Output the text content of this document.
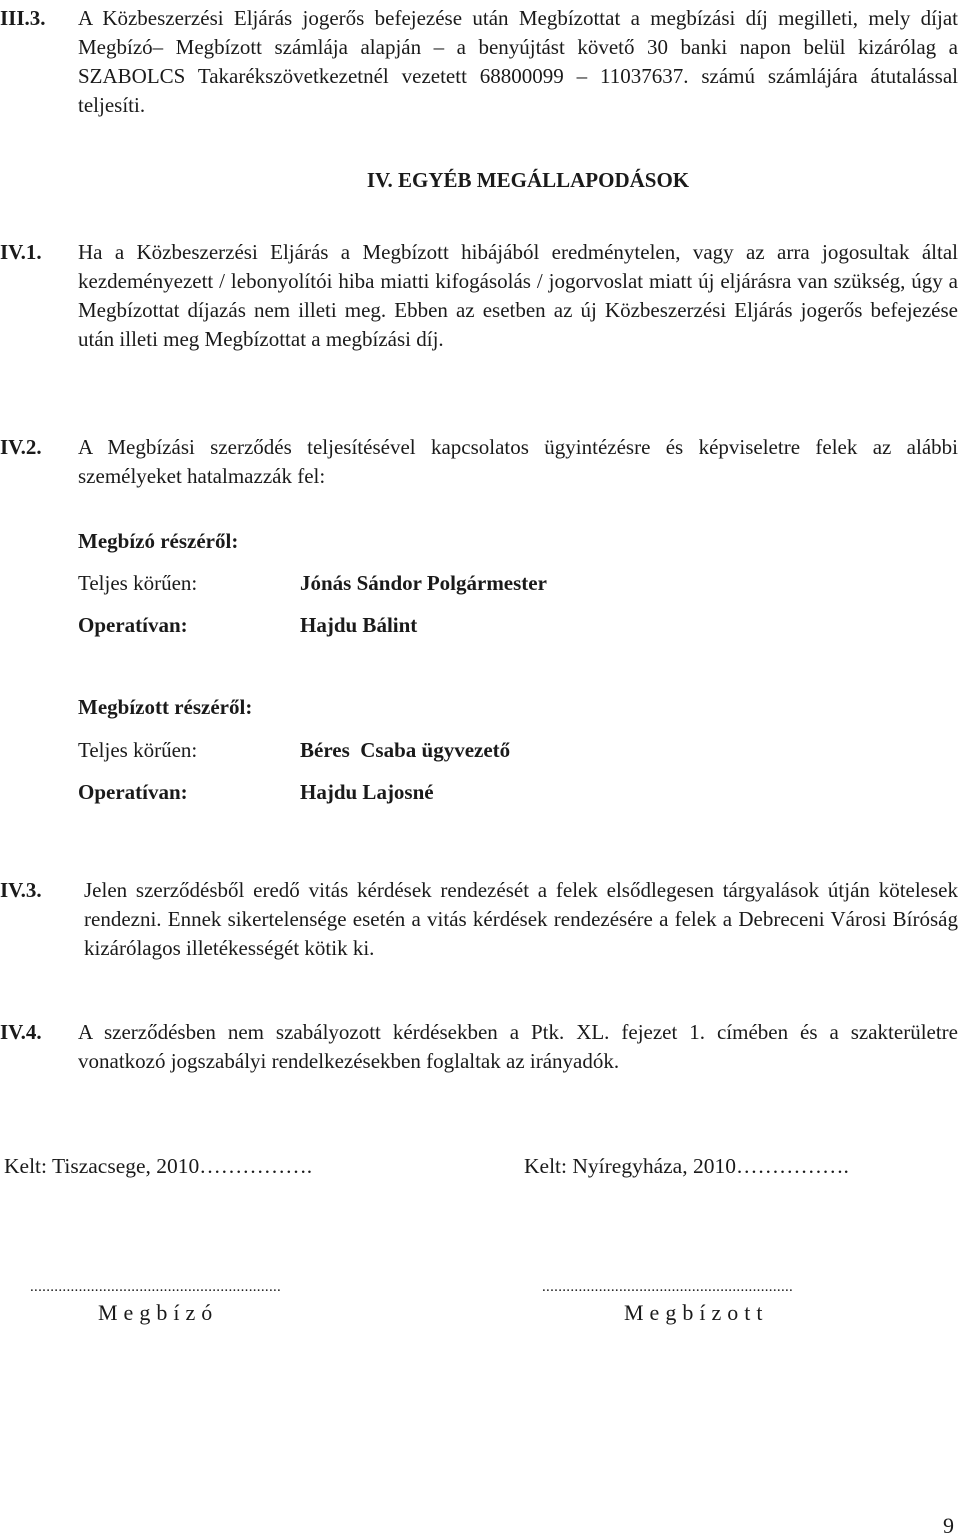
III.3. A Közbeszerzési Eljárás jogerős befejezése után Megbízottat a megbízási díj megilleti, mely díjat Megbízó– Megbízott számlája alapján – a benyújtást követő 30 banki napon belül kizárólag a SZABOLCS Takarékszövetkezetnél vezetett 68800099 – 11037637. számú számlájára átutalással teljesíti.
IV. EGYÉB MEGÁLLAPODÁSOK
IV.1. Ha a Közbeszerzési Eljárás a Megbízott hibájából eredménytelen, vagy az arra jogosultak által kezdeményezett / lebonyolítói hiba miatti kifogásolás / jogorvoslat miatt új eljárásra van szükség, úgy a Megbízottat díjazás nem illeti meg. Ebben az esetben az új Közbeszerzési Eljárás jogerős befejezése után illeti meg Megbízottat a megbízási díj.
IV.2. A Megbízási szerződés teljesítésével kapcsolatos ügyintézésre és képviseletre felek az alábbi személyeket hatalmazzák fel:
Megbízó részéről:
Teljes körűen:	Jónás Sándor Polgármester
Operatívan:	Hajdu Bálint
Megbízott részéről:
Teljes körűen:	Béres  Csaba ügyvezető
Operatívan:	Hajdu Lajosné
IV.3. Jelen szerződésből eredő vitás kérdések rendezését a felek elsődlegesen tárgyalások útján kötelesek rendezni. Ennek sikertelensége esetén a vitás kérdések rendezésére a felek a Debreceni Városi Bíróság kizárólagos illetékességét kötik ki.
IV.4. A szerződésben nem szabályozott kérdésekben a Ptk. XL. fejezet 1. címében és a szakterületre vonatkozó jogszabályi rendelkezésekben foglaltak az irányadók.
Kelt: Tiszacsege, 2010…………….	Kelt: Nyíregyháza, 2010…………….
..............................................................	..............................................................
Megbízó	Megbízott
9
